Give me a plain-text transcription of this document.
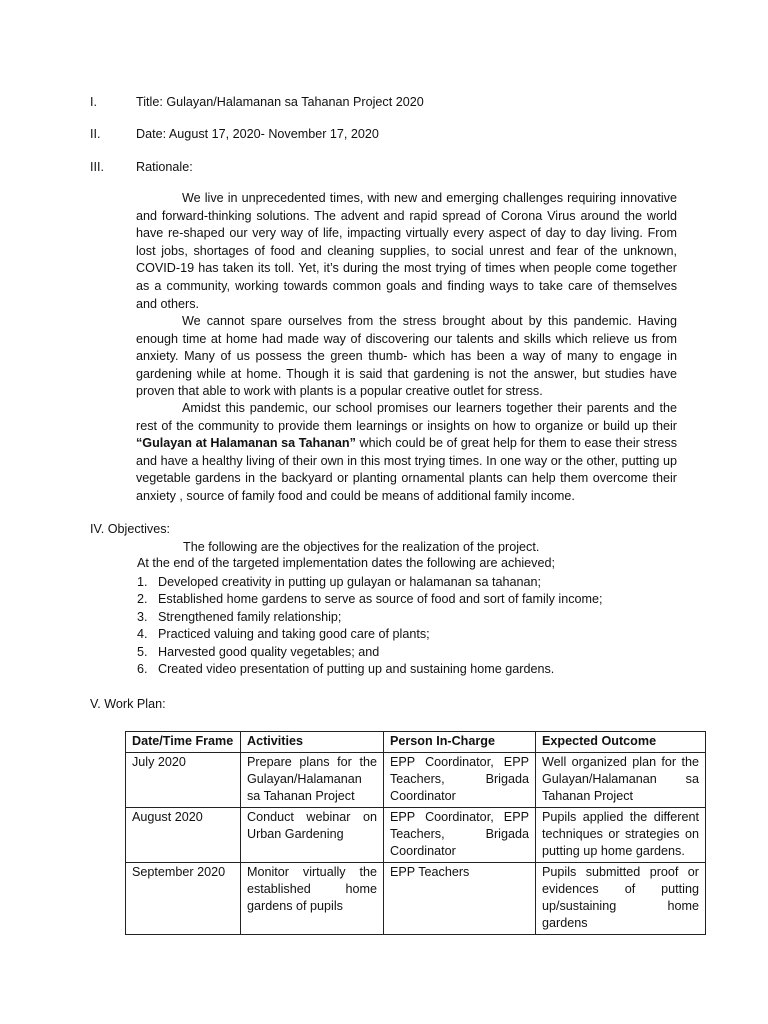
I.	Title: Gulayan/Halamanan sa Tahanan Project 2020
II.	Date: August 17, 2020- November 17, 2020
III.	Rationale:
We live in unprecedented times, with new and emerging challenges requiring innovative and forward-thinking solutions. The advent and rapid spread of Corona Virus around the world have re-shaped our very way of life, impacting virtually every aspect of day to day living. From lost jobs, shortages of food and cleaning supplies, to social unrest and fear of the unknown, COVID-19 has taken its toll. Yet, it’s during the most trying of times when people come together as a community, working towards common goals and finding ways to take care of themselves and others.
We cannot spare ourselves from the stress brought about by this pandemic. Having enough time at home had made way of discovering our talents and skills which relieve us from anxiety. Many of us possess the green thumb- which has been a way of many to engage in gardening while at home. Though it is said that gardening is not the answer, but studies have proven that able to work with plants is a popular creative outlet for stress.
Amidst this pandemic, our school promises our learners together their parents and the rest of the community to provide them learnings or insights on how to organize or build up their “Gulayan at Halamanan sa Tahanan” which could be of great help for them to ease their stress and have a healthy living of their own in this most trying times. In one way or the other, putting up vegetable gardens in the backyard or planting ornamental plants can help them overcome their anxiety , source of family food and could be means of additional family income.
IV. Objectives:
The following are the objectives for the realization of the project.
At the end of the targeted implementation dates the following are achieved;
1. Developed creativity in putting up gulayan or halamanan sa tahanan;
2. Established home gardens to serve as source of food and sort of family income;
3. Strengthened family relationship;
4. Practiced valuing and taking good care of plants;
5. Harvested good quality vegetables; and
6. Created video presentation of putting up and sustaining home gardens.
V. Work Plan:
Date/Time Frame	Activities	Person In-Charge	Expected Outcome
July 2020	Prepare plans for the Gulayan/Halamanan sa Tahanan Project	EPP Coordinator, EPP Teachers, Brigada Coordinator	Well organized plan for the Gulayan/Halamanan sa Tahanan Project
August 2020	Conduct webinar on Urban Gardening	EPP Coordinator, EPP Teachers, Brigada Coordinator	Pupils applied the different techniques or strategies on putting up home gardens.
September 2020	Monitor virtually the established home gardens of pupils	EPP Teachers	Pupils submitted proof or evidences of putting up/sustaining home gardens
